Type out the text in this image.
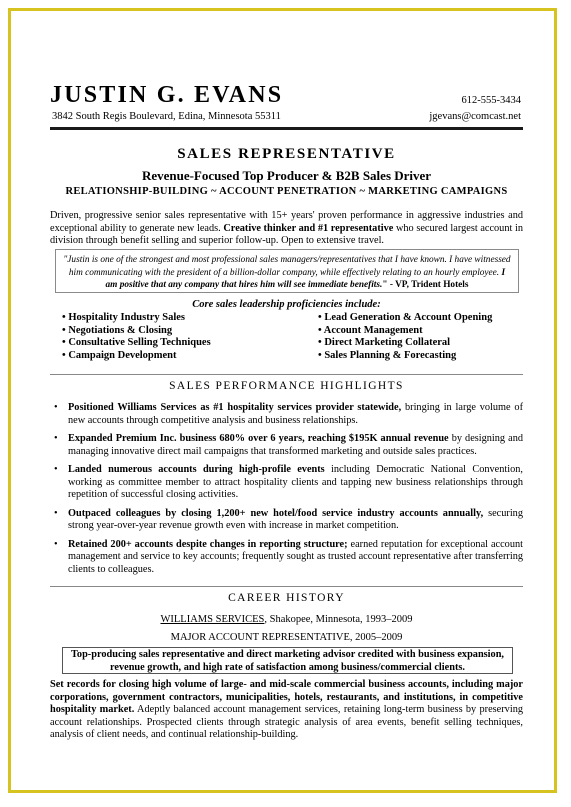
JUSTIN G. EVANS	612-555-3434
3842 South Regis Boulevard, Edina, Minnesota 55311	jgevans@comcast.net
SALES REPRESENTATIVE
Revenue-Focused Top Producer & B2B Sales Driver
RELATIONSHIP-BUILDING ~ ACCOUNT PENETRATION ~ MARKETING CAMPAIGNS
Driven, progressive senior sales representative with 15+ years' proven performance in aggressive industries and exceptional ability to generate new leads. Creative thinker and #1 representative who secured largest account in division through benefit selling and superior follow-up. Open to extensive travel.
"Justin is one of the strongest and most professional sales managers/representatives that I have known. I have witnessed him communicating with the president of a billion-dollar company, while effectively relating to an hourly employee. I am positive that any company that hires him will see immediate benefits." - VP, Trident Hotels
Core sales leadership proficiencies include:
• Hospitality Industry Sales
• Negotiations & Closing
• Consultative Selling Techniques
• Campaign Development
• Lead Generation & Account Opening
• Account Management
• Direct Marketing Collateral
• Sales Planning & Forecasting
SALES PERFORMANCE HIGHLIGHTS
• Positioned Williams Services as #1 hospitality services provider statewide, bringing in large volume of new accounts through competitive analysis and business relationships.
• Expanded Premium Inc. business 680% over 6 years, reaching $195K annual revenue by designing and managing innovative direct mail campaigns that transformed marketing and outside sales practices.
• Landed numerous accounts during high-profile events including Democratic National Convention, working as committee member to attract hospitality clients and tapping new business relationships through repetition of successful closing activities.
• Outpaced colleagues by closing 1,200+ new hotel/food service industry accounts annually, securing strong year-over-year revenue growth even with increase in market competition.
• Retained 200+ accounts despite changes in reporting structure; earned reputation for exceptional account management and service to key accounts; frequently sought as trusted account representative after transferring clients to colleagues.
CAREER HISTORY
WILLIAMS SERVICES, Shakopee, Minnesota, 1993–2009
MAJOR ACCOUNT REPRESENTATIVE, 2005–2009
Top-producing sales representative and direct marketing advisor credited with business expansion, revenue growth, and high rate of satisfaction among business/commercial clients.
Set records for closing high volume of large- and mid-scale commercial business accounts, including major corporations, government contractors, municipalities, hotels, restaurants, and institutions, in competitive hospitality market. Adeptly balanced account management services, retaining long-term business by preserving account relationships. Prospected clients through strategic analysis of area events, benefit selling techniques, analysis of client needs, and continual relationship-building.
